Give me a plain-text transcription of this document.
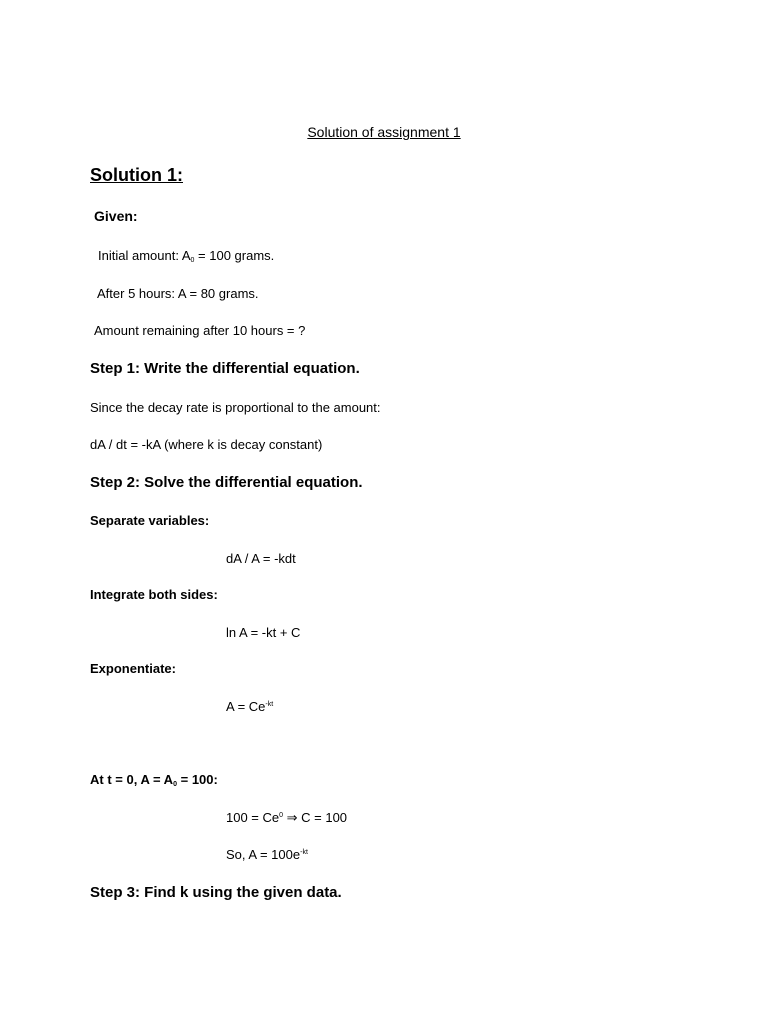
Solution of assignment 1
Solution 1:
Given:
Initial amount: $A_0 = 100$ grams.
After 5 hours: A = 80 grams.
Amount remaining after 10 hours = ?
Step 1: Write the differential equation.
Since the decay rate is proportional to the amount:
dA / dt = -kA (where k is decay constant)
Step 2: Solve the differential equation.
Separate variables:
dA / A = -kdt
Integrate both sides:
ln A = -kt + C
Exponentiate:
$A = Ce^{-kt}$
At t = 0, $A = A_0 = 100$:
$100 = Ce^0$ ⇒ C = 100
So, $A = 100e^{-kt}$
Step 3: Find k using the given data.
